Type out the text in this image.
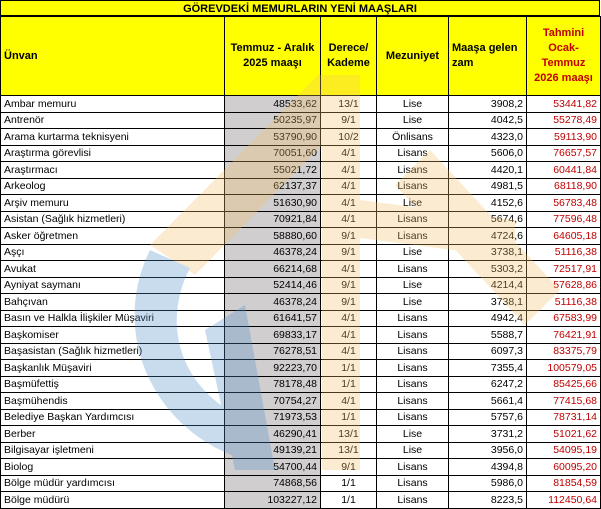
GÖREVDEKİ MEMURLARIN YENİ MAAŞLARI
Ünvan	Temmuz - Aralık 2025 maaşı	Derece/ Kademe	Mezuniyet	Maaşa gelen zam	Tahmini Ocak-Temmuz 2026 maaşı
Ambar memuru	48533,62	13/1	Lise	3908,2	53441,82
Antrenör	50235,97	9/1	Lise	4042,5	55278,49
Arama kurtarma teknisyeni	53790,90	10/2	Önlisans	4323,0	59113,90
Araştırma görevlisi	70051,60	4/1	Lisans	5606,0	76657,57
Araştırmacı	55021,72	4/1	Lisans	4420,1	60441,84
Arkeolog	62137,37	4/1	Lisans	4981,5	68118,90
Arşiv memuru	51630,90	4/1	Lise	4152,6	56783,48
Asistan (Sağlık hizmetleri)	70921,84	4/1	Lisans	5674,6	77596,48
Asker öğretmen	58880,60	9/1	Lisans	4724,6	64605,18
Aşçı	46378,24	9/1	Lise	3738,1	51116,38
Avukat	66214,68	4/1	Lisans	5303,2	72517,91
Ayniyat saymanı	52414,46	9/1	Lise	4214,4	57628,86
Bahçıvan	46378,24	9/1	Lise	3738,1	51116,38
Basın ve Halkla İlişkiler Müşaviri	61641,57	4/1	Lisans	4942,4	67583,99
Başkomiser	69833,17	4/1	Lisans	5588,7	76421,91
Başasistan (Sağlık hizmetleri)	76278,51	4/1	Lisans	6097,3	83375,79
Başkanlık Müşaviri	92223,70	1/1	Lisans	7355,4	100579,05
Başmüfettiş	78178,48	1/1	Lisans	6247,2	85425,66
Başmühendis	70754,27	4/1	Lisans	5661,4	77415,68
Belediye Başkan Yardımcısı	71973,53	1/1	Lisans	5757,6	78731,14
Berber	46290,41	13/1	Lise	3731,2	51021,62
Bilgisayar işletmeni	49139,21	13/1	Lise	3956,0	54095,19
Biolog	54700,44	9/1	Lisans	4394,8	60095,20
Bölge müdür yardımcısı	74868,56	1/1	Lisans	5986,0	81854,59
Bölge müdürü	103227,12	1/1	Lisans	8223,5	112450,64
